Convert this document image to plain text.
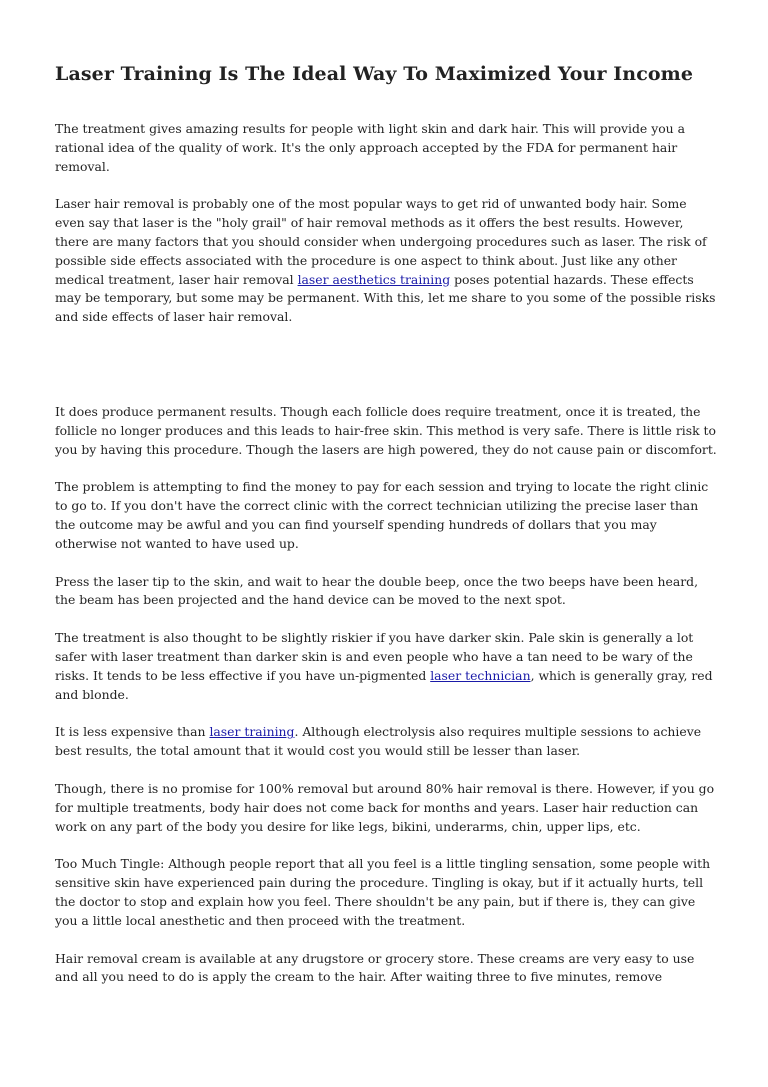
Laser Training Is The Ideal Way To Maximized Your Income

The treatment gives amazing results for people with light skin and dark hair. This will provide you a rational idea of the quality of work. It's the only approach accepted by the FDA for permanent hair removal.

Laser hair removal is probably one of the most popular ways to get rid of unwanted body hair. Some even say that laser is the "holy grail" of hair removal methods as it offers the best results. However, there are many factors that you should consider when undergoing procedures such as laser. The risk of possible side effects associated with the procedure is one aspect to think about. Just like any other medical treatment, laser hair removal laser aesthetics training poses potential hazards. These effects may be temporary, but some may be permanent. With this, let me share to you some of the possible risks and side effects of laser hair removal.

It does produce permanent results. Though each follicle does require treatment, once it is treated, the follicle no longer produces and this leads to hair-free skin. This method is very safe. There is little risk to you by having this procedure. Though the lasers are high powered, they do not cause pain or discomfort.

The problem is attempting to find the money to pay for each session and trying to locate the right clinic to go to. If you don't have the correct clinic with the correct technician utilizing the precise laser than the outcome may be awful and you can find yourself spending hundreds of dollars that you may otherwise not wanted to have used up.

Press the laser tip to the skin, and wait to hear the double beep, once the two beeps have been heard, the beam has been projected and the hand device can be moved to the next spot.

The treatment is also thought to be slightly riskier if you have darker skin. Pale skin is generally a lot safer with laser treatment than darker skin is and even people who have a tan need to be wary of the risks. It tends to be less effective if you have un-pigmented laser technician, which is generally gray, red and blonde.

It is less expensive than laser training. Although electrolysis also requires multiple sessions to achieve best results, the total amount that it would cost you would still be lesser than laser.

Though, there is no promise for 100% removal but around 80% hair removal is there. However, if you go for multiple treatments, body hair does not come back for months and years. Laser hair reduction can work on any part of the body you desire for like legs, bikini, underarms, chin, upper lips, etc.

Too Much Tingle: Although people report that all you feel is a little tingling sensation, some people with sensitive skin have experienced pain during the procedure. Tingling is okay, but if it actually hurts, tell the doctor to stop and explain how you feel. There shouldn't be any pain, but if there is, they can give you a little local anesthetic and then proceed with the treatment.

Hair removal cream is available at any drugstore or grocery store. These creams are very easy to use and all you need to do is apply the cream to the hair. After waiting three to five minutes, remove
